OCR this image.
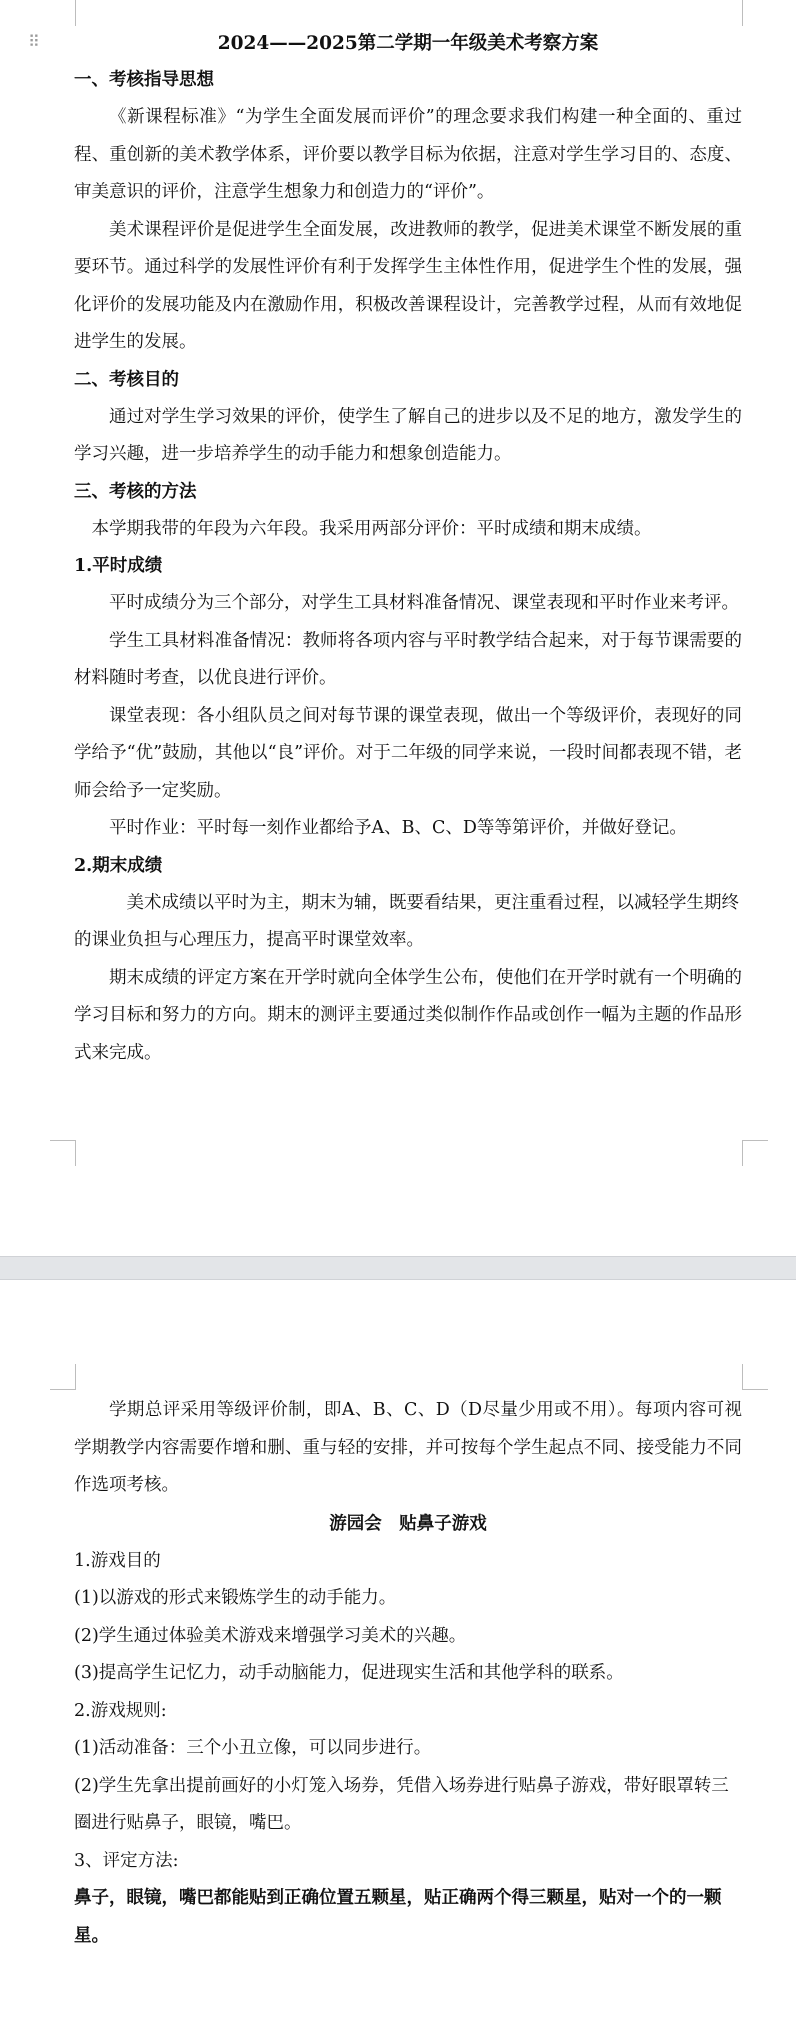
⠿	2024——2025第二学期一年级美术考察方案

一、考核指导思想

《新课程标准》“为学生全面发展而评价”的理念要求我们构建一种全面的、重过程、重创新的美术教学体系，评价要以教学目标为依据，注意对学生学习目的、态度、审美意识的评价，注意学生想象力和创造力的“评价”。

美术课程评价是促进学生全面发展，改进教师的教学，促进美术课堂不断发展的重要环节。通过科学的发展性评价有利于发挥学生主体性作用，促进学生个性的发展，强化评价的发展功能及内在激励作用，积极改善课程设计，完善教学过程，从而有效地促进学生的发展。

二、考核目的

通过对学生学习效果的评价，使学生了解自己的进步以及不足的地方，激发学生的学习兴趣，进一步培养学生的动手能力和想象创造能力。

三、考核的方法

本学期我带的年段为六年段。我采用两部分评价：平时成绩和期末成绩。

1.平时成绩

平时成绩分为三个部分，对学生工具材料准备情况、课堂表现和平时作业来考评。

学生工具材料准备情况：教师将各项内容与平时教学结合起来，对于每节课需要的材料随时考查，以优良进行评价。

课堂表现：各小组队员之间对每节课的课堂表现，做出一个等级评价，表现好的同学给予“优”鼓励，其他以“良”评价。对于二年级的同学来说，一段时间都表现不错，老师会给予一定奖励。

平时作业：平时每一刻作业都给予A、B、C、D等等第评价，并做好登记。

2.期末成绩

美术成绩以平时为主，期末为辅，既要看结果，更注重看过程，以减轻学生期终的课业负担与心理压力，提高平时课堂效率。

期末成绩的评定方案在开学时就向全体学生公布，使他们在开学时就有一个明确的学习目标和努力的方向。期末的测评主要通过类似制作作品或创作一幅为主题的作品形式来完成。

学期总评采用等级评价制，即A、B、C、D（D尽量少用或不用）。每项内容可视学期教学内容需要作增和删、重与轻的安排，并可按每个学生起点不同、接受能力不同作选项考核。

游园会　贴鼻子游戏

1.游戏目的

(1)以游戏的形式来锻炼学生的动手能力。

(2)学生通过体验美术游戏来增强学习美术的兴趣。

(3)提高学生记忆力，动手动脑能力，促进现实生活和其他学科的联系。

2.游戏规则:

(1)活动准备：三个小丑立像，可以同步进行。

(2)学生先拿出提前画好的小灯笼入场券，凭借入场券进行贴鼻子游戏，带好眼罩转三圈进行贴鼻子，眼镜，嘴巴。

3、评定方法:

鼻子，眼镜，嘴巴都能贴到正确位置五颗星，贴正确两个得三颗星，贴对一个的一颗星。
